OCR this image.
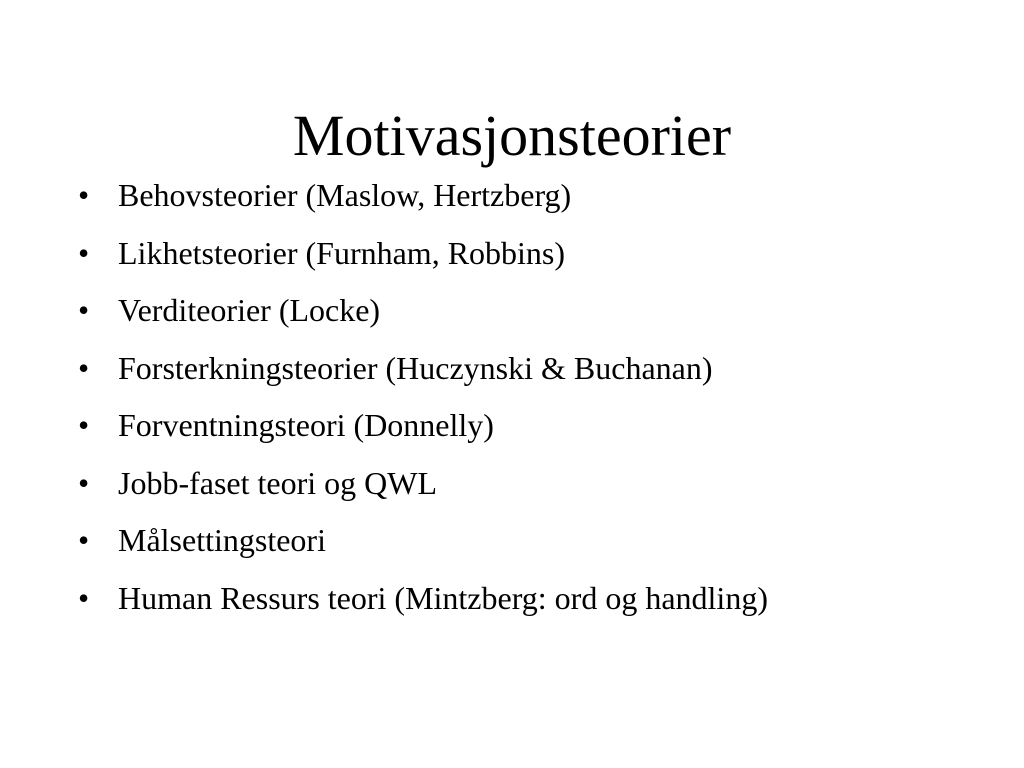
Motivasjonsteorier
• Behovsteorier (Maslow, Hertzberg)
• Likhetsteorier (Furnham, Robbins)
• Verditeorier (Locke)
• Forsterkningsteorier (Huczynski & Buchanan)
• Forventningsteori (Donnelly)
• Jobb-faset teori og QWL
• Målsettingsteori
• Human Ressurs teori (Mintzberg: ord og handling)
